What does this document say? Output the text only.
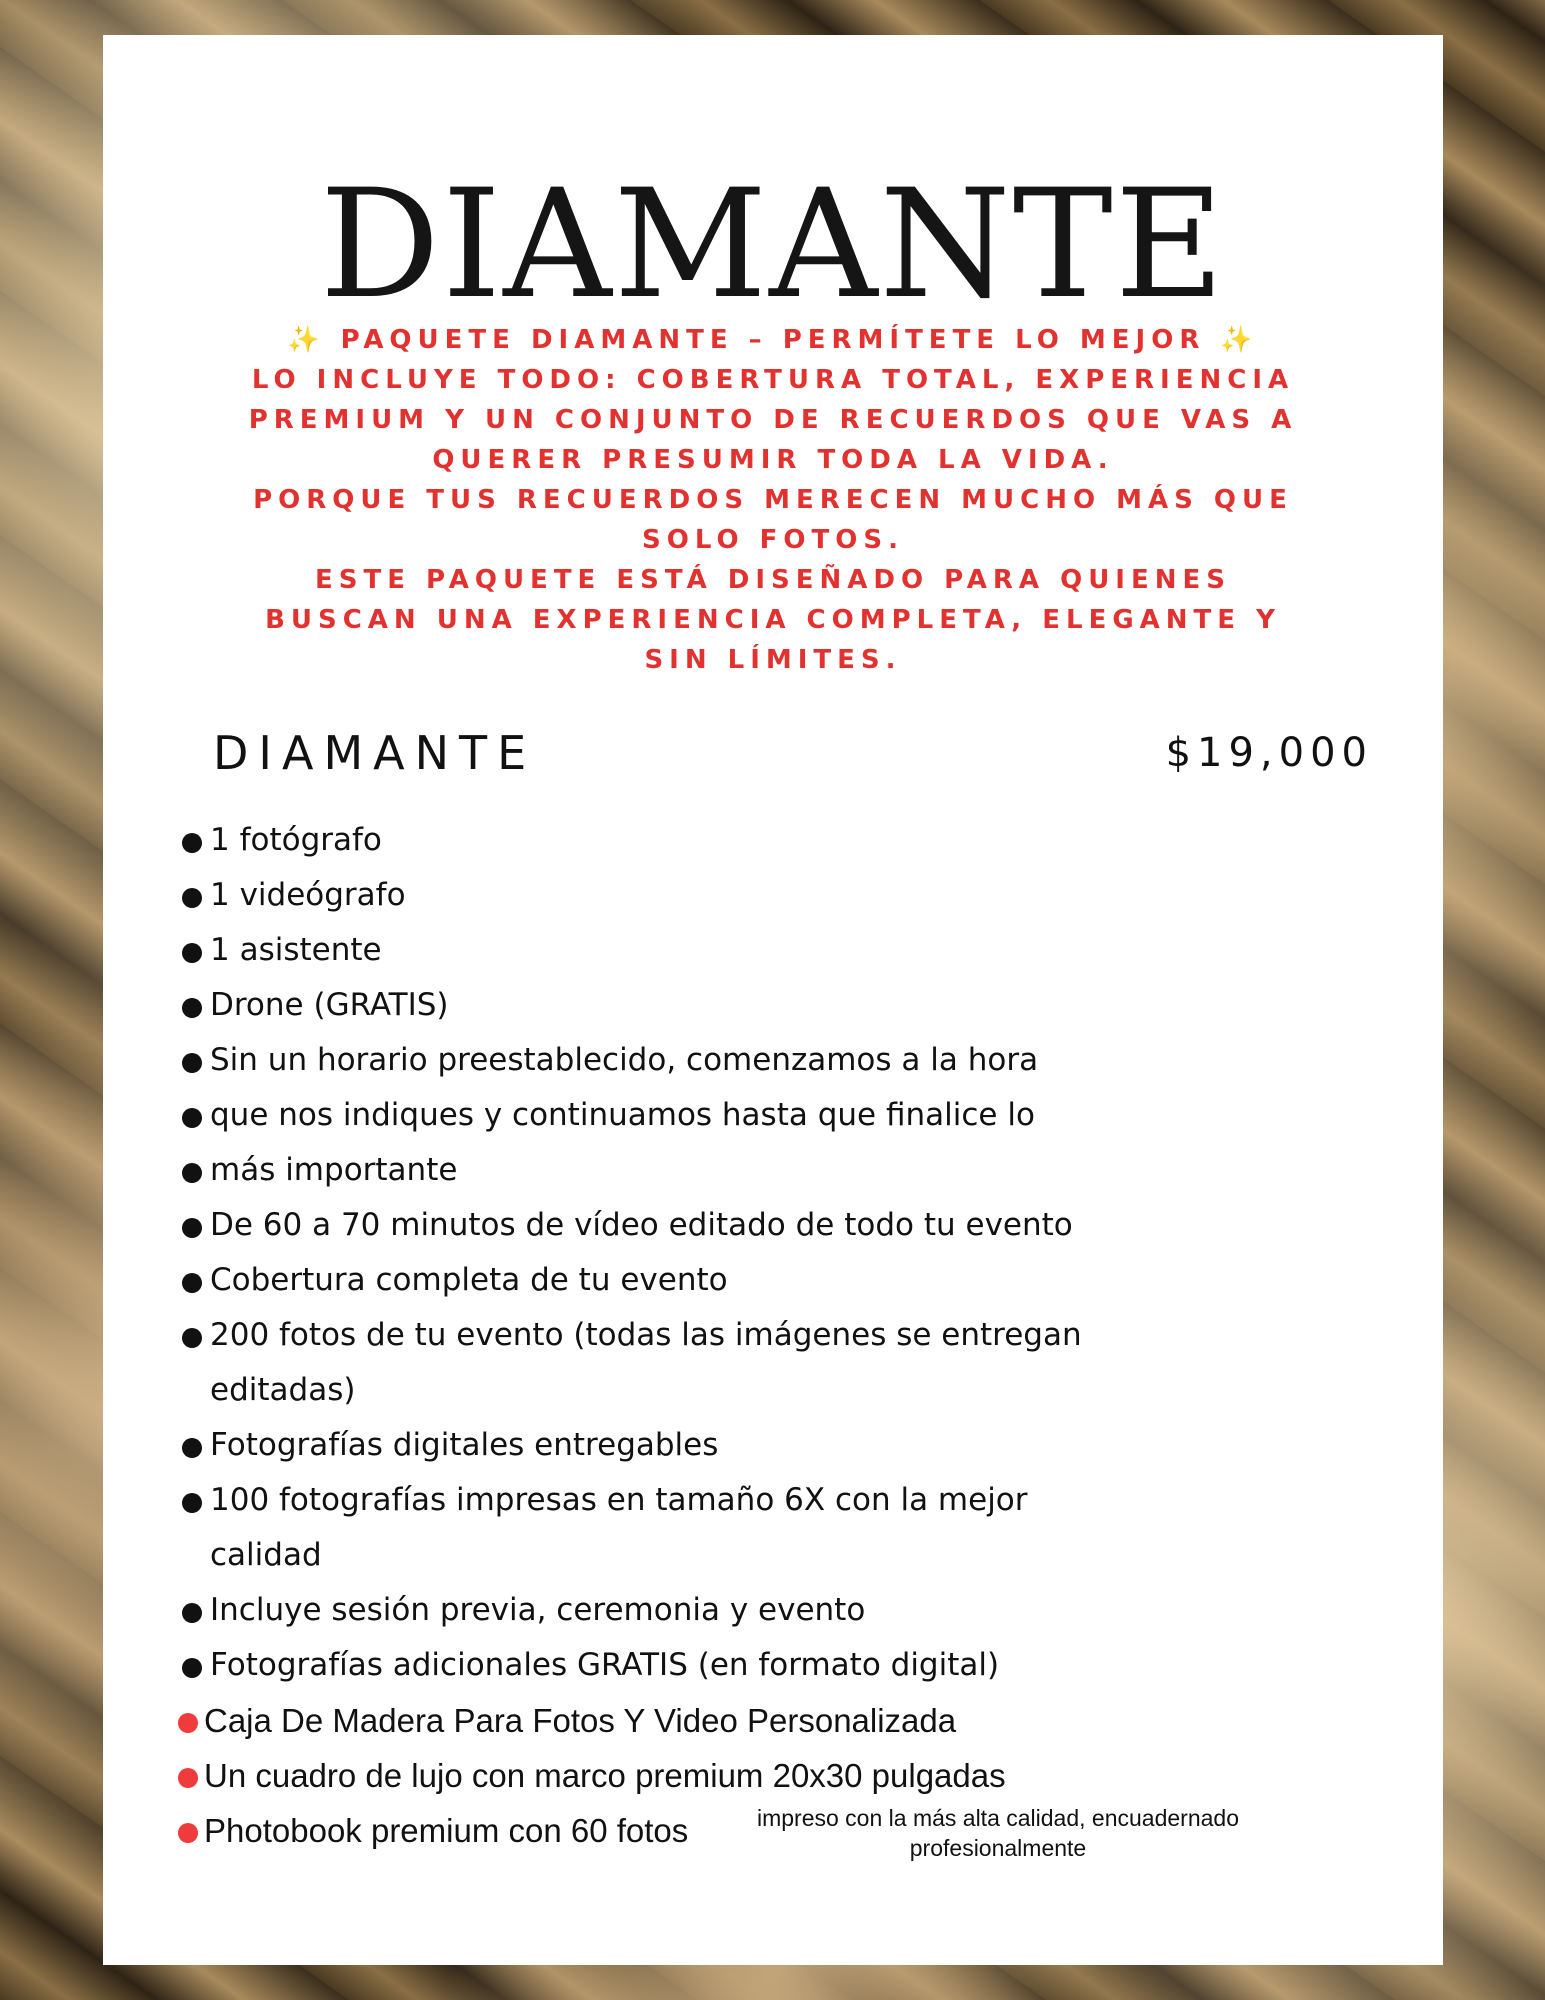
DIAMANTE
✨ PAQUETE DIAMANTE – PERMÍTETE LO MEJOR ✨
LO INCLUYE TODO: COBERTURA TOTAL, EXPERIENCIA
PREMIUM Y UN CONJUNTO DE RECUERDOS QUE VAS A
QUERER PRESUMIR TODA LA VIDA.
PORQUE TUS RECUERDOS MERECEN MUCHO MÁS QUE
SOLO FOTOS.
ESTE PAQUETE ESTÁ DISEÑADO PARA QUIENES
BUSCAN UNA EXPERIENCIA COMPLETA, ELEGANTE Y
SIN LÍMITES.
DIAMANTE	$19,000
1 fotógrafo
1 videógrafo
1 asistente
Drone (GRATIS)
Sin un horario preestablecido, comenzamos a la hora
que nos indiques y continuamos hasta que finalice lo
más importante
De 60 a 70 minutos de vídeo editado de todo tu evento
Cobertura completa de tu evento
200 fotos de tu evento (todas las imágenes se entregan
editadas)
Fotografías digitales entregables
100 fotografías impresas en tamaño 6X con la mejor
calidad
Incluye sesión previa, ceremonia y evento
Fotografías adicionales GRATIS (en formato digital)
Caja De Madera Para Fotos Y Video Personalizada
Un cuadro de lujo con marco premium 20x30 pulgadas
Photobook premium con 60 fotos	impreso con la más alta calidad, encuadernado profesionalmente
